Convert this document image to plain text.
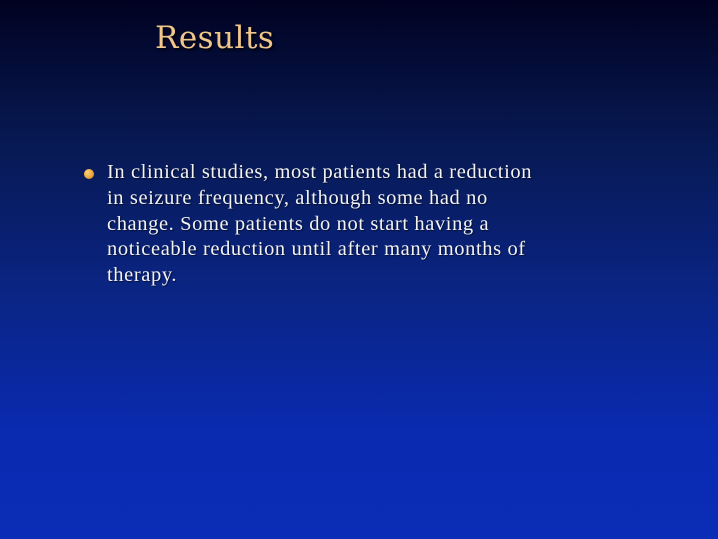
Results
In clinical studies, most patients had a reduction in seizure frequency, although some had no change. Some patients do not start having a noticeable reduction until after many months of therapy.
